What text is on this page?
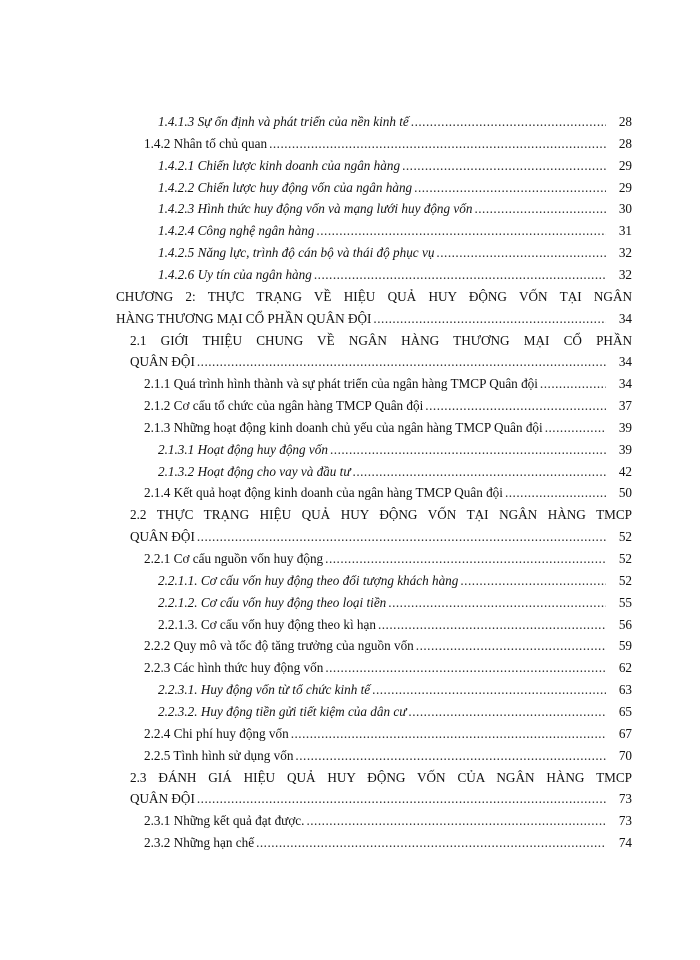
1.4.1.3 Sự ổn định và phát triển của nền kinh tế .....	28
1.4.2 Nhân tố chủ quan .....	28
1.4.2.1 Chiến lược kinh doanh của ngân hàng .....	29
1.4.2.2 Chiến lược huy động vốn của ngân hàng .....	29
1.4.2.3 Hình thức huy động vốn và mạng lưới huy động vốn .....	30
1.4.2.4 Công nghệ ngân hàng .....	31
1.4.2.5 Năng lực, trình độ cán bộ và thái độ phục vụ .....	32
1.4.2.6 Uy tín của ngân hàng .....	32
CHƯƠNG 2: THỰC TRẠNG VỀ HIỆU QUẢ HUY ĐỘNG VỐN TẠI NGÂN
HÀNG THƯƠNG MẠI CỔ PHẦN QUÂN ĐỘI .....	34
2.1 GIỚI THIỆU CHUNG VỀ NGÂN HÀNG THƯƠNG MẠI CỔ PHẦN
QUÂN ĐỘI .....	34
2.1.1 Quá trình hình thành và sự phát triển của ngân hàng TMCP Quân đội .....	34
2.1.2 Cơ cấu tổ chức của ngân hàng TMCP Quân đội .....	37
2.1.3 Những hoạt động kinh doanh chủ yếu của ngân hàng TMCP Quân đội .....	39
2.1.3.1 Hoạt động huy động vốn .....	39
2.1.3.2 Hoạt động cho vay và đầu tư .....	42
2.1.4 Kết quả hoạt động kinh doanh của ngân hàng TMCP Quân đội .....	50
2.2 THỰC TRẠNG HIỆU QUẢ HUY ĐỘNG VỐN TẠI NGÂN HÀNG TMCP
QUÂN ĐỘI .....	52
2.2.1 Cơ cấu nguồn vốn huy động .....	52
2.2.1.1. Cơ cấu vốn huy động theo đối tượng khách hàng .....	52
2.2.1.2. Cơ cấu vốn huy động theo loại tiền .....	55
2.2.1.3. Cơ cấu vốn huy động theo kì hạn .....	56
2.2.2 Quy mô và tốc độ tăng trưởng của nguồn vốn .....	59
2.2.3 Các hình thức huy động vốn .....	62
2.2.3.1. Huy động vốn từ tổ chức kinh tế .....	63
2.2.3.2. Huy động tiền gửi tiết kiệm của dân cư .....	65
2.2.4 Chi phí huy động vốn .....	67
2.2.5 Tình hình sử dụng vốn .....	70
2.3 ĐÁNH GIÁ HIỆU QUẢ HUY ĐỘNG VỐN CỦA NGÂN HÀNG TMCP
QUÂN ĐỘI .....	73
2.3.1 Những kết quả đạt được. .....	73
2.3.2 Những hạn chế .....	74
